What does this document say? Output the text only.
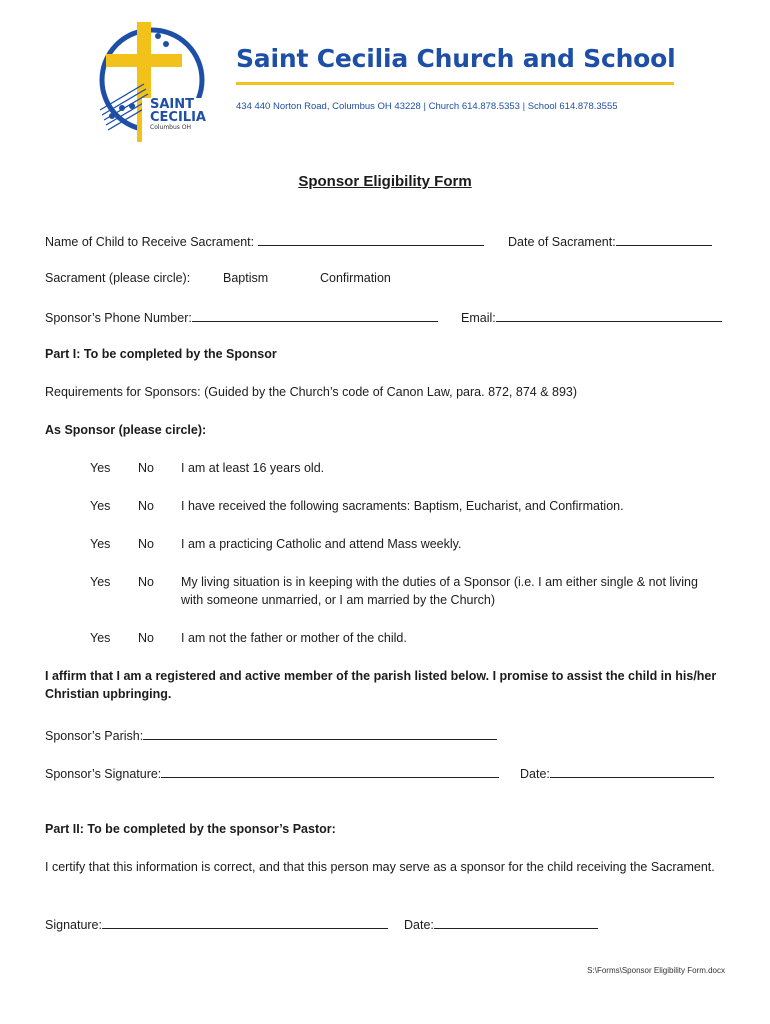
SAINT
CECILIA
Columbus OH
Saint Cecilia Church and School
434 440 Norton Road, Columbus OH 43228 | Church 614.878.5353 | School 614.878.3555
Sponsor Eligibility Form
Name of Child to Receive Sacrament:	Date of Sacrament:
Sacrament (please circle):	Baptism	Confirmation
Sponsor’s Phone Number:	Email:
Part I: To be completed by the Sponsor
Requirements for Sponsors: (Guided by the Church’s code of Canon Law, para. 872, 874 & 893)
As Sponsor (please circle):
Yes No I am at least 16 years old.
Yes No I have received the following sacraments: Baptism, Eucharist, and Confirmation.
Yes No I am a practicing Catholic and attend Mass weekly.
Yes No My living situation is in keeping with the duties of a Sponsor (i.e. I am either single & not living with someone unmarried, or I am married by the Church)
Yes No I am not the father or mother of the child.
I affirm that I am a registered and active member of the parish listed below. I promise to assist the child in his/her Christian upbringing.
Sponsor’s Parish:
Sponsor’s Signature:	Date:
Part II: To be completed by the sponsor’s Pastor:
I certify that this information is correct, and that this person may serve as a sponsor for the child receiving the Sacrament.
Signature:	Date:
S:\Forms\Sponsor Eligibility Form.docx
